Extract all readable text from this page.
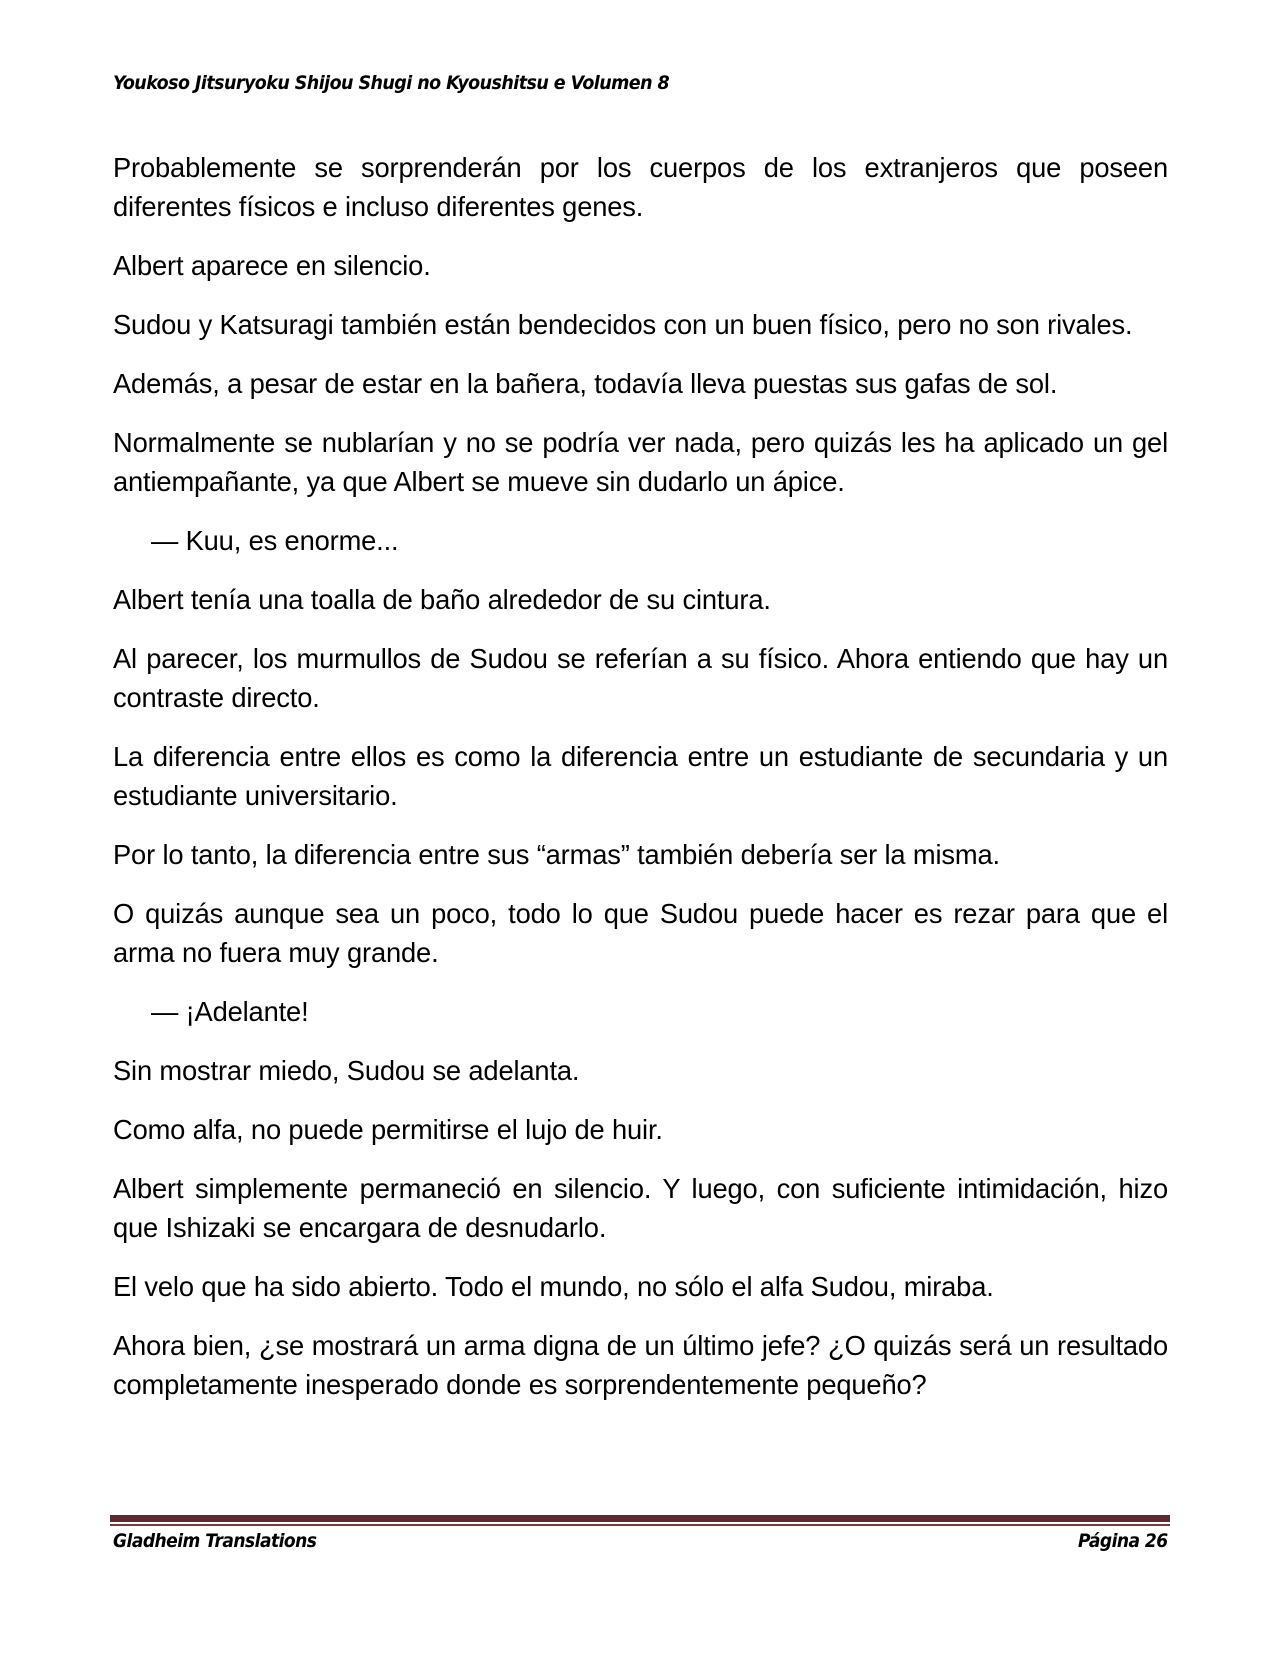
Youkoso Jitsuryoku Shijou Shugi no Kyoushitsu e Volumen 8

Probablemente se sorprenderán por los cuerpos de los extranjeros que poseen diferentes físicos e incluso diferentes genes.

Albert aparece en silencio.

Sudou y Katsuragi también están bendecidos con un buen físico, pero no son rivales.

Además, a pesar de estar en la bañera, todavía lleva puestas sus gafas de sol.

Normalmente se nublarían y no se podría ver nada, pero quizás les ha aplicado un gel antiempañante, ya que Albert se mueve sin dudarlo un ápice.

— Kuu, es enorme...

Albert tenía una toalla de baño alrededor de su cintura.

Al parecer, los murmullos de Sudou se referían a su físico. Ahora entiendo que hay un contraste directo.

La diferencia entre ellos es como la diferencia entre un estudiante de secundaria y un estudiante universitario.

Por lo tanto, la diferencia entre sus “armas” también debería ser la misma.

O quizás aunque sea un poco, todo lo que Sudou puede hacer es rezar para que el arma no fuera muy grande.

— ¡Adelante!

Sin mostrar miedo, Sudou se adelanta.

Como alfa, no puede permitirse el lujo de huir.

Albert simplemente permaneció en silencio. Y luego, con suficiente intimidación, hizo que Ishizaki se encargara de desnudarlo.

El velo que ha sido abierto. Todo el mundo, no sólo el alfa Sudou, miraba.

Ahora bien, ¿se mostrará un arma digna de un último jefe? ¿O quizás será un resultado completamente inesperado donde es sorprendentemente pequeño?

Gladheim Translations	Página 26
